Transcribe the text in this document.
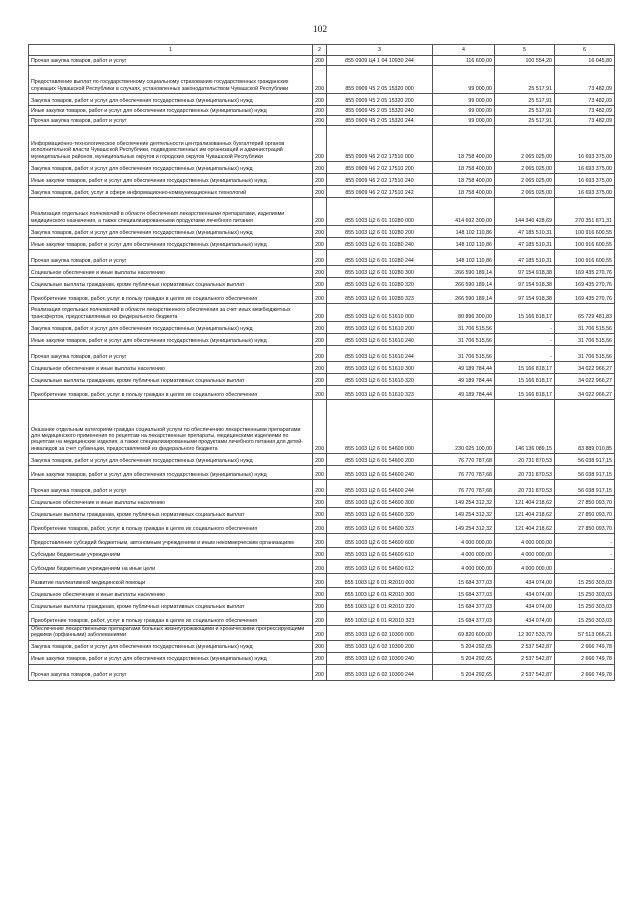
102
1	2	3	4	5	6
Прочая закупка товаров, работ и услуг	200	855 0909 Ц4 1 04 10930 244	116 600,00	100 554,20	16 045,80
Предоставление выплат по государственному социальному страхованию государственных гражданских служащих Чувашской Республики в случаях, установленных законодательством Чувашской Республики	200	855 0909 Ч5 2 05 15320 000	99 000,00	25 517,91	73 482,09
Закупка товаров, работ и услуг для обеспечения государственных (муниципальных) нужд	200	855 0909 Ч5 2 05 15320 200	99 000,00	25 517,91	73 482,09
Иные закупки товаров, работ и услуг для обеспечения государственных (муниципальных) нужд	200	855 0909 Ч5 2 05 15320 240	99 000,00	25 517,91	73 482,09
Прочая закупка товаров, работ и услуг	200	855 0909 Ч5 2 05 15320 244	99 000,00	25 517,91	73 482,09
Информационно-технологическое обеспечение деятельности централизованных бухгалтерий органов исполнительной власти Чувашской Республики, подведомственных им организаций и администраций муниципальных районов, муниципальных округов и городских округов Чувашской Республики	200	855 0909 Ч6 2 02 17510 000	18 758 400,00	2 065 025,00	16 693 375,00
Закупка товаров, работ и услуг для обеспечения государственных (муниципальных) нужд	200	855 0909 Ч6 2 02 17510 200	18 758 400,00	2 065 025,00	16 693 375,00
Иные закупки товаров, работ и услуг для обеспечения государственных (муниципальных) нужд	200	855 0909 Ч6 2 02 17510 240	18 758 400,00	2 065 025,00	16 693 375,00
Закупка товаров, работ, услуг в сфере информационно-коммуникационных технологий	200	855 0909 Ч6 2 02 17510 242	18 758 400,00	2 065 025,00	16 693 375,00
Реализация отдельных полномочий в области обеспечения лекарственными препаратами, изделиями медицинского назначения, а также специализированными продуктами лечебного питания	200	855 1003 Ц2 6 01 10280 000	414 692 300,00	144 340 428,69	270 351 871,31
Закупка товаров, работ и услуг для обеспечения государственных (муниципальных) нужд	200	855 1003 Ц2 6 01 10280 200	148 102 110,86	47 185 510,31	100 916 600,55
Иные закупки товаров, работ и услуг для обеспечения государственных (муниципальных) нужд	200	855 1003 Ц2 6 01 10280 240	148 102 110,86	47 185 510,31	100 916 600,55
Прочая закупка товаров, работ и услуг	200	855 1003 Ц2 6 01 10280 244	148 102 110,86	47 185 510,31	100 916 600,55
Социальное обеспечение и иные выплаты населению	200	855 1003 Ц2 6 01 10280 300	266 590 189,14	97 154 918,38	169 435 270,76
Социальные выплаты гражданам, кроме публичных нормативных социальных выплат	200	855 1003 Ц2 6 01 10280 320	266 590 189,14	97 154 918,38	169 435 270,76
Приобретение товаров, работ, услуг в пользу граждан в целях их социального обеспечения	200	855 1003 Ц2 6 01 10280 323	266 590 189,14	97 154 918,38	169 435 270,76
Реализация отдельных полномочий в области лекарственного обеспечения за счет иных межбюджетных трансфертов, предоставляемых из федерального бюджета	200	855 1003 Ц2 6 01 51610 000	80 896 300,00	15 166 818,17	65 729 481,83
Закупка товаров, работ и услуг для обеспечения государственных (муниципальных) нужд	200	855 1003 Ц2 6 01 51610 200	31 706 515,56	-	31 706 515,56
Иные закупки товаров, работ и услуг для обеспечения государственных (муниципальных) нужд	200	855 1003 Ц2 6 01 51610 240	31 706 515,56	-	31 706 515,56
Прочая закупка товаров, работ и услуг	200	855 1003 Ц2 6 01 51610 244	31 706 515,56	-	31 706 515,56
Социальное обеспечение и иные выплаты населению	200	855 1003 Ц2 6 01 51610 300	49 189 784,44	15 166 818,17	34 022 966,27
Социальные выплаты гражданам, кроме публичных нормативных социальных выплат	200	855 1003 Ц2 6 01 51610 320	49 189 784,44	15 166 818,17	34 022 966,27
Приобретение товаров, работ, услуг в пользу граждан в целях их социального обеспечения	200	855 1003 Ц2 6 01 51610 323	49 189 784,44	15 166 818,17	34 022 966,27
Оказание отдельным категориям граждан социальной услуги по обеспечению лекарственными препаратами для медицинского применения по рецептам на лекарственные препараты, медицинскими изделиями по рецептам на медицинские изделия, а также специализированными продуктами лечебного питания для детей-инвалидов за счет субвенции, предоставляемой из федерального бюджета	200	855 1003 Ц2 6 01 54600 000	230 025 100,00	146 136 089,15	83 889 010,85
Закупка товаров, работ и услуг для обеспечения государственных (муниципальных) нужд	200	855 1003 Ц2 6 01 54600 200	76 770 787,68	20 731 870,53	56 038 917,15
Иные закупки товаров, работ и услуг для обеспечения государственных (муниципальных) нужд	200	855 1003 Ц2 6 01 54600 240	76 770 787,68	20 731 870,53	56 038 917,15
Прочая закупка товаров, работ и услуг	200	855 1003 Ц2 6 01 54600 244	76 770 787,68	20 731 870,53	56 038 917,15
Социальное обеспечение и иные выплаты населению	200	855 1003 Ц2 6 01 54600 300	149 254 312,32	121 404 218,62	27 850 093,70
Социальные выплаты гражданам, кроме публичных нормативных социальных выплат	200	855 1003 Ц2 6 01 54600 320	149 254 312,32	121 404 218,62	27 850 093,70
Приобретение товаров, работ, услуг в пользу граждан в целях их социального обеспечения	200	855 1003 Ц2 6 01 54600 323	149 254 312,32	121 404 218,62	27 850 093,70
Предоставление субсидий бюджетным, автономным учреждениям и иным некоммерческим организациям	200	855 1003 Ц2 6 01 54600 600	4 000 000,00	4 000 000,00	-
Субсидии бюджетным учреждениям	200	855 1003 Ц2 6 01 54600 610	4 000 000,00	4 000 000,00	-
Субсидии бюджетным учреждениям на иные цели	200	855 1003 Ц2 6 01 54600 612	4 000 000,00	4 000 000,00	-
Развитие паллиативной медицинской помощи	200	855 1003 Ц2 6 01 R2010 000	15 684 377,03	434 074,00	15 250 303,03
Социальное обеспечение и иные выплаты населению	200	855 1003 Ц2 6 01 R2010 300	15 684 377,03	434 074,00	15 250 303,03
Социальные выплаты гражданам, кроме публичных нормативных социальных выплат	200	855 1003 Ц2 6 01 R2010 320	15 684 377,03	434 074,00	15 250 303,03
Приобретение товаров, работ, услуг в пользу граждан в целях их социального обеспечения	200	855 1003 Ц2 6 01 R2010 323	15 684 377,03	434 074,00	15 250 303,03
Обеспечение лекарственными препаратами больных жизнеугрожающими и хроническими прогрессирующими редкими (орфанными) заболеваниями	200	855 1003 Ц2 6 02 10300 000	69 820 600,00	12 307 533,79	57 513 066,21
Закупка товаров, работ и услуг для обеспечения государственных (муниципальных) нужд	200	855 1003 Ц2 6 02 10300 200	5 204 292,65	2 537 542,87	2 666 749,78
Иные закупки товаров, работ и услуг для обеспечения государственных (муниципальных) нужд	200	855 1003 Ц2 6 02 10300 240	5 204 292,65	2 537 542,87	2 666 749,78
Прочая закупка товаров, работ и услуг	200	855 1003 Ц2 6 02 10300 244	5 204 292,65	2 537 542,87	2 666 749,78
